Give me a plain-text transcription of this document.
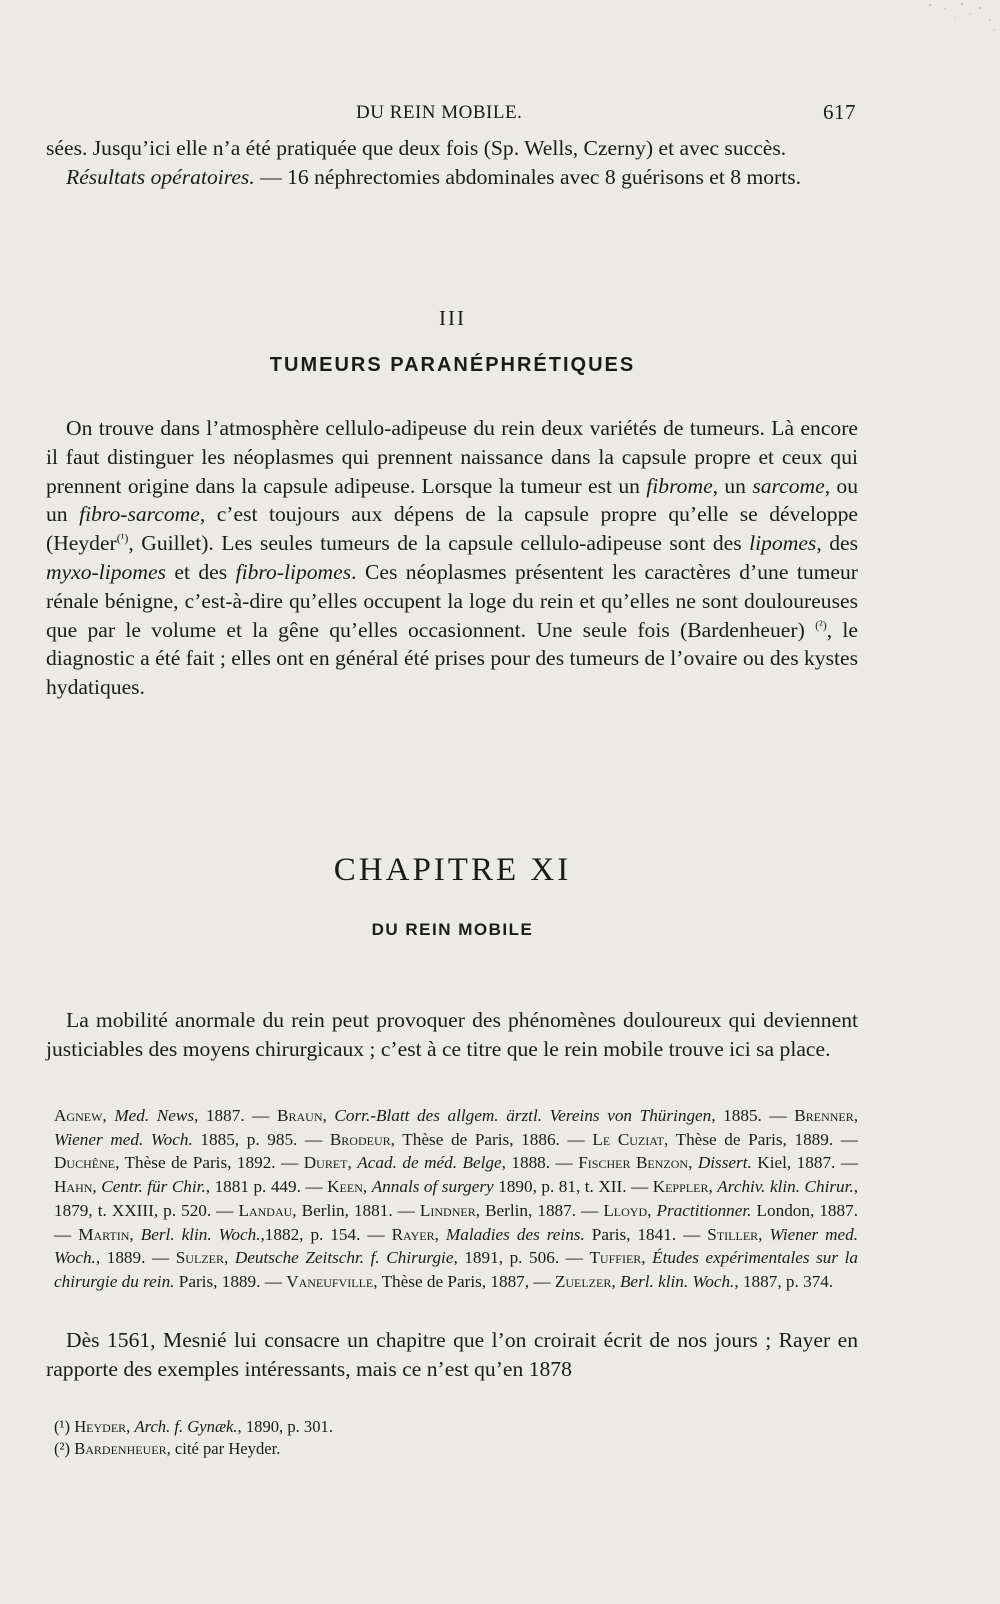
DU REIN MOBILE.	617

sées. Jusqu’ici elle n’a été pratiquée que deux fois (Sp. Wells, Czerny) et avec succès.

Résultats opératoires. — 16 néphrectomies abdominales avec 8 guérisons et 8 morts.

III
TUMEURS PARANÉPHRÉTIQUES

On trouve dans l’atmosphère cellulo-adipeuse du rein deux variétés de tumeurs. Là encore il faut distinguer les néoplasmes qui prennent naissance dans la capsule propre et ceux qui prennent origine dans la capsule adipeuse. Lorsque la tumeur est un fibrome, un sarcome, ou un fibro-sarcome, c’est toujours aux dépens de la capsule propre qu’elle se développe (Heyder$^{(^1)}$, Guillet). Les seules tumeurs de la capsule cellulo-adipeuse sont des lipomes, des myxo-lipomes et des fibro-lipomes. Ces néoplasmes présentent les caractères d’une tumeur rénale bénigne, c’est-à-dire qu’elles occupent la loge du rein et qu’elles ne sont douloureuses que par le volume et la gêne qu’elles occasionnent. Une seule fois (Bardenheuer) $^{(^2)}$, le diagnostic a été fait ; elles ont en général été prises pour des tumeurs de l’ovaire ou des kystes hydatiques.

CHAPITRE XI
DU REIN MOBILE

La mobilité anormale du rein peut provoquer des phénomènes douloureux qui deviennent justiciables des moyens chirurgicaux ; c’est à ce titre que le rein mobile trouve ici sa place.

Agnew, Med. News, 1887. — Braun, Corr.-Blatt des allgem. ärztl. Vereins von Thüringen, 1885. — Brenner, Wiener med. Woch. 1885, p. 985. — Brodeur, Thèse de Paris, 1886. — Le Cuziat, Thèse de Paris, 1889. — Duchêne, Thèse de Paris, 1892. — Duret, Acad. de méd. Belge, 1888. — Fischer Benzon, Dissert. Kiel, 1887. — Hahn, Centr. für Chir., 1881 p. 449. — Keen, Annals of surgery 1890, p. 81, t. XII. — Keppler, Archiv. klin. Chirur., 1879, t. XXIII, p. 520. — Landau, Berlin, 1881. — Lindner, Berlin, 1887. — Lloyd, Practitionner. London, 1887. — Martin, Berl. klin. Woch.,1882, p. 154. — Rayer, Maladies des reins. Paris, 1841. — Stiller, Wiener med. Woch., 1889. — Sulzer, Deutsche Zeitschr. f. Chirurgie, 1891, p. 506. — Tuffier, Études expérimentales sur la chirurgie du rein. Paris, 1889. — Vaneufville, Thèse de Paris, 1887, — Zuelzer, Berl. klin. Woch., 1887, p. 374.

Dès 1561, Mesnié lui consacre un chapitre que l’on croirait écrit de nos jours ; Rayer en rapporte des exemples intéressants, mais ce n’est qu’en 1878

(¹) Heyder, Arch. f. Gynæk., 1890, p. 301.

(²) Bardenheuer, cité par Heyder.
